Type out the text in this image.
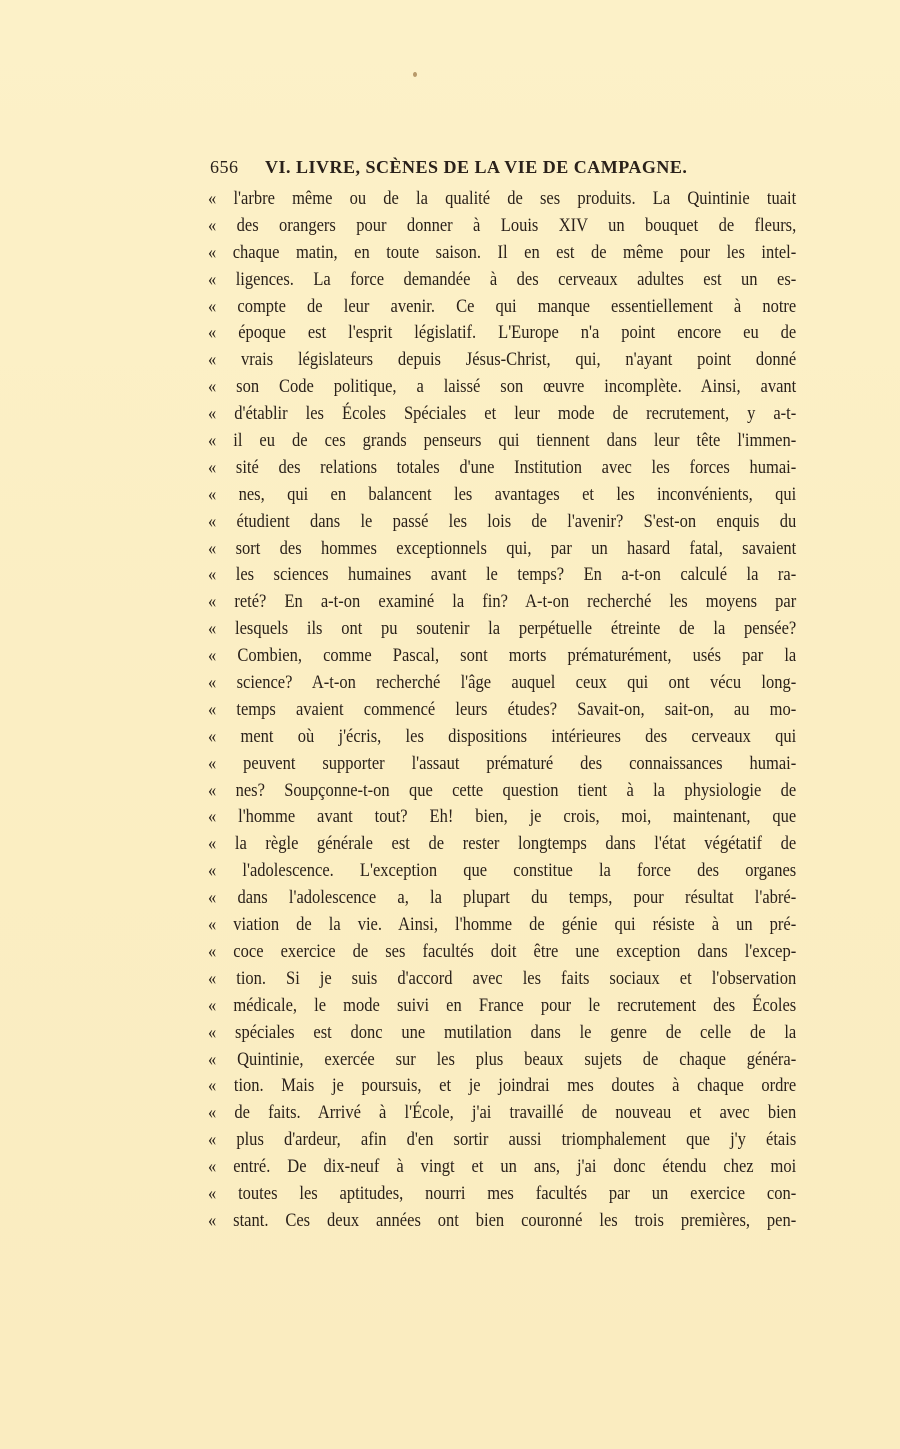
656 VI. LIVRE, SCÈNES DE LA VIE DE CAMPAGNE.
« l'arbre même ou de la qualité de ses produits. La Quintinie tuait
« des orangers pour donner à Louis XIV un bouquet de fleurs,
« chaque matin, en toute saison. Il en est de même pour les intel-
« ligences. La force demandée à des cerveaux adultes est un es-
« compte de leur avenir. Ce qui manque essentiellement à notre
« époque est l'esprit législatif. L'Europe n'a point encore eu de
« vrais législateurs depuis Jésus-Christ, qui, n'ayant point donné
« son Code politique, a laissé son œuvre incomplète. Ainsi, avant
« d'établir les Écoles Spéciales et leur mode de recrutement, y a-t-
« il eu de ces grands penseurs qui tiennent dans leur tête l'immen-
« sité des relations totales d'une Institution avec les forces humai-
« nes, qui en balancent les avantages et les inconvénients, qui
« étudient dans le passé les lois de l'avenir? S'est-on enquis du
« sort des hommes exceptionnels qui, par un hasard fatal, savaient
« les sciences humaines avant le temps? En a-t-on calculé la ra-
« reté? En a-t-on examiné la fin? A-t-on recherché les moyens par
« lesquels ils ont pu soutenir la perpétuelle étreinte de la pensée?
« Combien, comme Pascal, sont morts prématurément, usés par la
« science? A-t-on recherché l'âge auquel ceux qui ont vécu long-
« temps avaient commencé leurs études? Savait-on, sait-on, au mo-
« ment où j'écris, les dispositions intérieures des cerveaux qui
« peuvent supporter l'assaut prématuré des connaissances humai-
« nes? Soupçonne-t-on que cette question tient à la physiologie de
« l'homme avant tout? Eh! bien, je crois, moi, maintenant, que
« la règle générale est de rester longtemps dans l'état végétatif de
« l'adolescence. L'exception que constitue la force des organes
« dans l'adolescence a, la plupart du temps, pour résultat l'abré-
« viation de la vie. Ainsi, l'homme de génie qui résiste à un pré-
« coce exercice de ses facultés doit être une exception dans l'excep-
« tion. Si je suis d'accord avec les faits sociaux et l'observation
« médicale, le mode suivi en France pour le recrutement des Écoles
« spéciales est donc une mutilation dans le genre de celle de la
« Quintinie, exercée sur les plus beaux sujets de chaque généra-
« tion. Mais je poursuis, et je joindrai mes doutes à chaque ordre
« de faits. Arrivé à l'École, j'ai travaillé de nouveau et avec bien
« plus d'ardeur, afin d'en sortir aussi triomphalement que j'y étais
« entré. De dix-neuf à vingt et un ans, j'ai donc étendu chez moi
« toutes les aptitudes, nourri mes facultés par un exercice con-
« stant. Ces deux années ont bien couronné les trois premières, pen-
